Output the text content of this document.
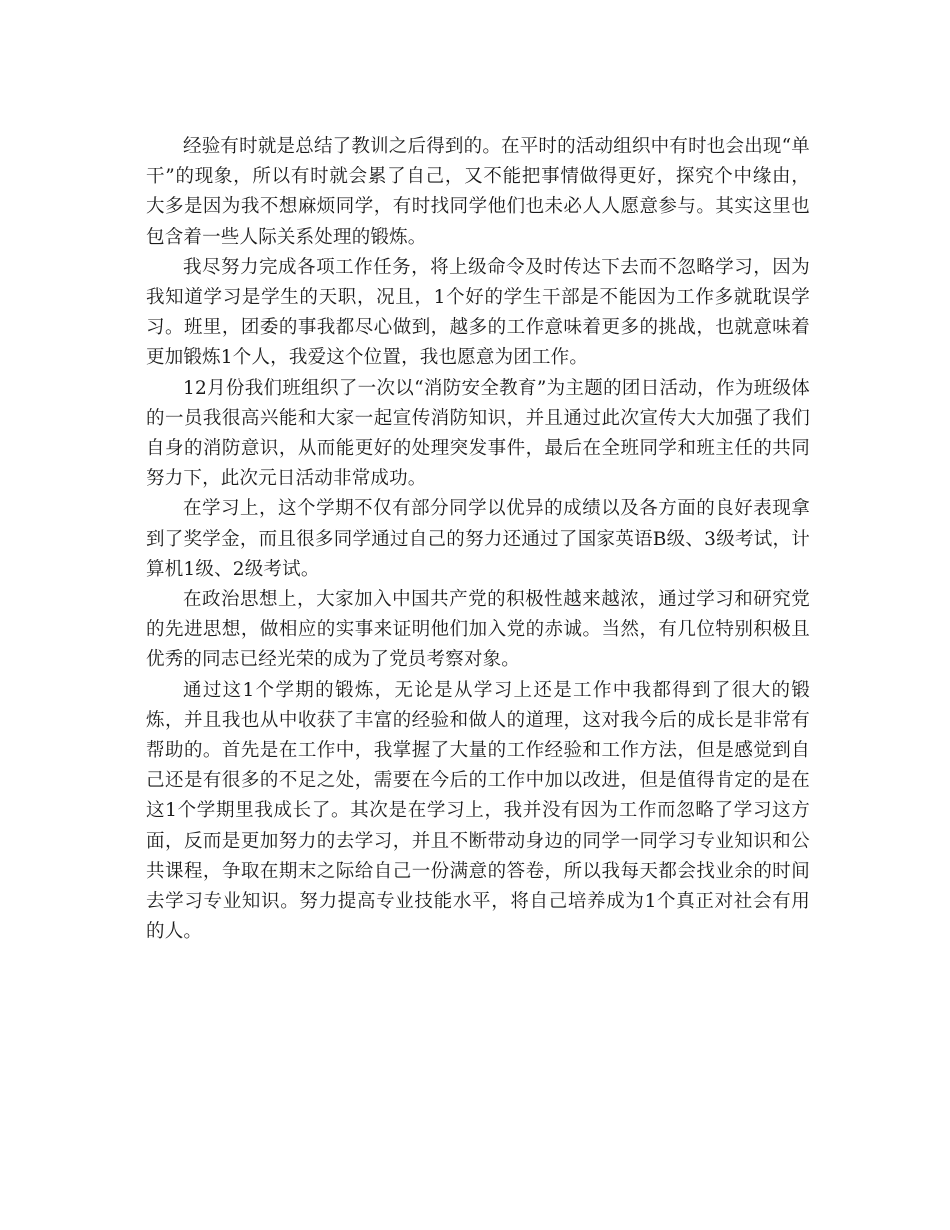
经验有时就是总结了教训之后得到的。在平时的活动组织中有时也会出现“单干”的现象，所以有时就会累了自己，又不能把事情做得更好，探究个中缘由，大多是因为我不想麻烦同学，有时找同学他们也未必人人愿意参与。其实这里也包含着一些人际关系处理的锻炼。

我尽努力完成各项工作任务，将上级命令及时传达下去而不忽略学习，因为我知道学习是学生的天职，况且，1个好的学生干部是不能因为工作多就耽误学习。班里，团委的事我都尽心做到，越多的工作意味着更多的挑战，也就意味着更加锻炼1个人，我爱这个位置，我也愿意为团工作。

12月份我们班组织了一次以“消防安全教育”为主题的团日活动，作为班级体的一员我很高兴能和大家一起宣传消防知识，并且通过此次宣传大大加强了我们自身的消防意识，从而能更好的处理突发事件，最后在全班同学和班主任的共同努力下，此次元日活动非常成功。

在学习上，这个学期不仅有部分同学以优异的成绩以及各方面的良好表现拿到了奖学金，而且很多同学通过自己的努力还通过了国家英语B级、3级考试，计算机1级、2级考试。

在政治思想上，大家加入中国共产党的积极性越来越浓，通过学习和研究党的先进思想，做相应的实事来证明他们加入党的赤诚。当然，有几位特别积极且优秀的同志已经光荣的成为了党员考察对象。

通过这1个学期的锻炼，无论是从学习上还是工作中我都得到了很大的锻炼，并且我也从中收获了丰富的经验和做人的道理，这对我今后的成长是非常有帮助的。首先是在工作中，我掌握了大量的工作经验和工作方法，但是感觉到自己还是有很多的不足之处，需要在今后的工作中加以改进，但是值得肯定的是在这1个学期里我成长了。其次是在学习上，我并没有因为工作而忽略了学习这方面，反而是更加努力的去学习，并且不断带动身边的同学一同学习专业知识和公共课程，争取在期末之际给自己一份满意的答卷，所以我每天都会找业余的时间去学习专业知识。努力提高专业技能水平，将自己培养成为1个真正对社会有用的人。
